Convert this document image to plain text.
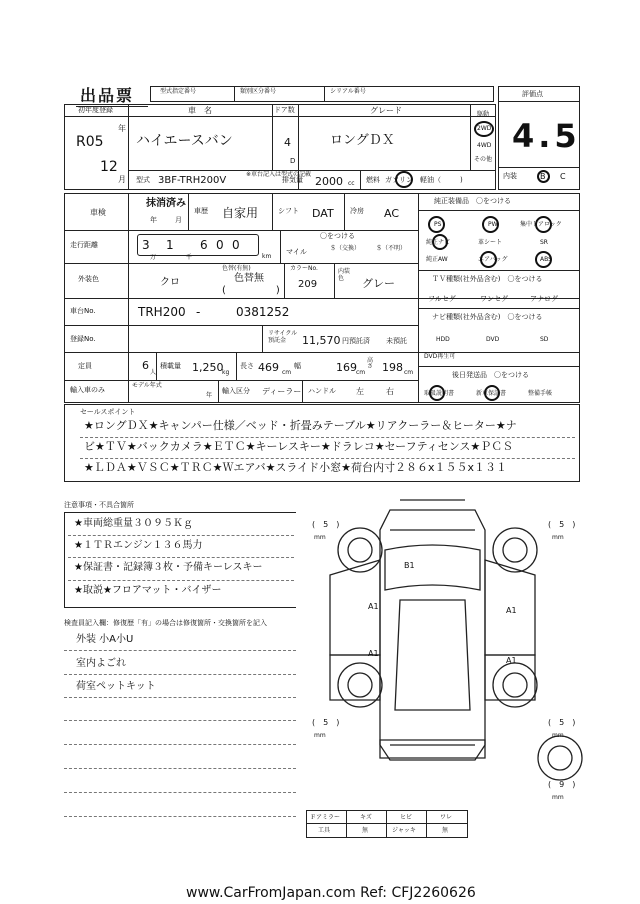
出品票	型式指定番号	類別区分番号	シリアル番号	評価点
4.5
内装	B C
初年度登録
R05
年
12
月
車　名
ハイエースバン
ドア数
4
D
グレード
ロングＤＸ
駆動
2WD
4WD
その他
型式 3BF-TRH200V
※車台記入は型式の記載
排気量 2000 cc 燃料 ガソリン　軽油（	)
車検
抹消済み
年	月
車歴 自家用	シフト DAT 冷房 AC
走行距離	3 1 6 0 0
万	千	km
〇をつける
マイル	＄（交換）	＄（不明）
外装色	クロ
色替(有無)
色替無
(　　　　　)
カラーNo.
209
内装色	グレー
車台No.	TRH200 -	0381252
登録No.
リサイクル預託金	11,570 円預託済 未預託
定員	6
人
積載量 1,250
kg
長さ 469 cm
幅	169 cm
高さ 198 cm
輸入車のみ
モデル年式
年
輸入区分 ディーラー ハンドル	左	右
純正装備品　〇をつける
PS	PW	集中ドアロック
純正ナビ	革シート	SR
純正AW	エアバッグ	ABS
ＴＶ種類(社外品含む)　〇をつける
フルセグ	ワンセグ	アナログ
ナビ種類(社外品含む)　〇をつける
HDD	DVD	SD
DVD再生可
後日発送品　〇をつける
取扱説明書	新車保証書	整備手帳
セールスポイント
★ロングＤＸ★キャンパー仕様／ベッド・折畳みテーブル★リアクーラー＆ヒーター★ナ
ビ★ＴＶ★バックカメラ★ＥＴＣ★キーレスキー★ドラレコ★セーフティセンス★ＰＣＳ
★ＬＤＡ★ＶＳＣ★ＴＲＣ★Ｗエアバ★スライド小窓★荷台内寸２８６x１５５x１３１
注意事項・不具合箇所
★車両総重量３０９５Ｋｇ
★１ＴＲエンジン１３６馬力
★保証書・記録簿３枚・予備キーレスキー
★取説★フロアマット・バイザー
検査員記入欄：修復歴「有」の場合は修復箇所・交換箇所を記入
外装 小A小U
室内よごれ
荷室ペットキット
B1
A1	A1
A1
A1
(　5　)
mm
(　5　)
mm
(　5　)
mm
(　5　)
mm
(　9　)
mm
Ｆアミラー	キズ	ヒビ	ワレ
工具	無	ジャッキ	無
www.CarFromJapan.com Ref: CFJ2260626
